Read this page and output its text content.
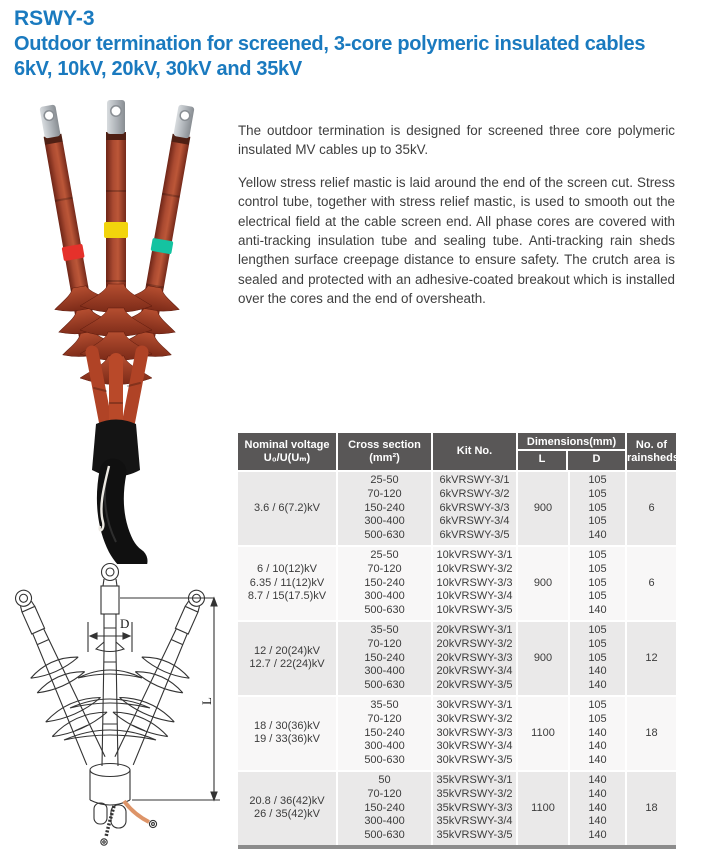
RSWY-3
Outdoor termination for screened, 3-core polymeric insulated cables
6kV, 10kV, 20kV, 30kV and 35kV

The outdoor termination is designed for screened three core polymeric insulated MV cables up to 35kV.

Yellow stress relief mastic is laid around the end of the screen cut. Stress control tube, together with stress relief mastic, is used to smooth out the electrical field at the cable screen end. All phase cores are covered with anti-tracking insulation tube and sealing tube. Anti-tracking rain sheds lengthen surface creepage distance to ensure safety. The crutch area is sealed and protected with an adhesive-coated breakout which is installed over the cores and the end of oversheath.

D
L
Nominal voltage
U₀/U(Uₘ)
Cross section
(mm²)
Kit No.
Dimensions(mm)
L	D
No. of
rainsheds
3.6 / 6(7.2)kV
25-50
70-120
150-240
300-400
500-630
6kVRSWY-3/1
6kVRSWY-3/2
6kVRSWY-3/3
6kVRSWY-3/4
6kVRSWY-3/5
900
105
105
105
105
140
6
6 / 10(12)kV
6.35 / 11(12)kV
8.7 / 15(17.5)kV
25-50
70-120
150-240
300-400
500-630
10kVRSWY-3/1
10kVRSWY-3/2
10kVRSWY-3/3
10kVRSWY-3/4
10kVRSWY-3/5
900
105
105
105
105
140
6
12 / 20(24)kV
12.7 / 22(24)kV
35-50
70-120
150-240
300-400
500-630
20kVRSWY-3/1
20kVRSWY-3/2
20kVRSWY-3/3
20kVRSWY-3/4
20kVRSWY-3/5
900
105
105
105
140
140
12
18 / 30(36)kV
19 / 33(36)kV
35-50
70-120
150-240
300-400
500-630
30kVRSWY-3/1
30kVRSWY-3/2
30kVRSWY-3/3
30kVRSWY-3/4
30kVRSWY-3/5
1100
105
105
140
140
140
18
20.8 / 36(42)kV
26 / 35(42)kV
50
70-120
150-240
300-400
500-630
35kVRSWY-3/1
35kVRSWY-3/2
35kVRSWY-3/3
35kVRSWY-3/4
35kVRSWY-3/5
1100
140
140
140
140
140
18
